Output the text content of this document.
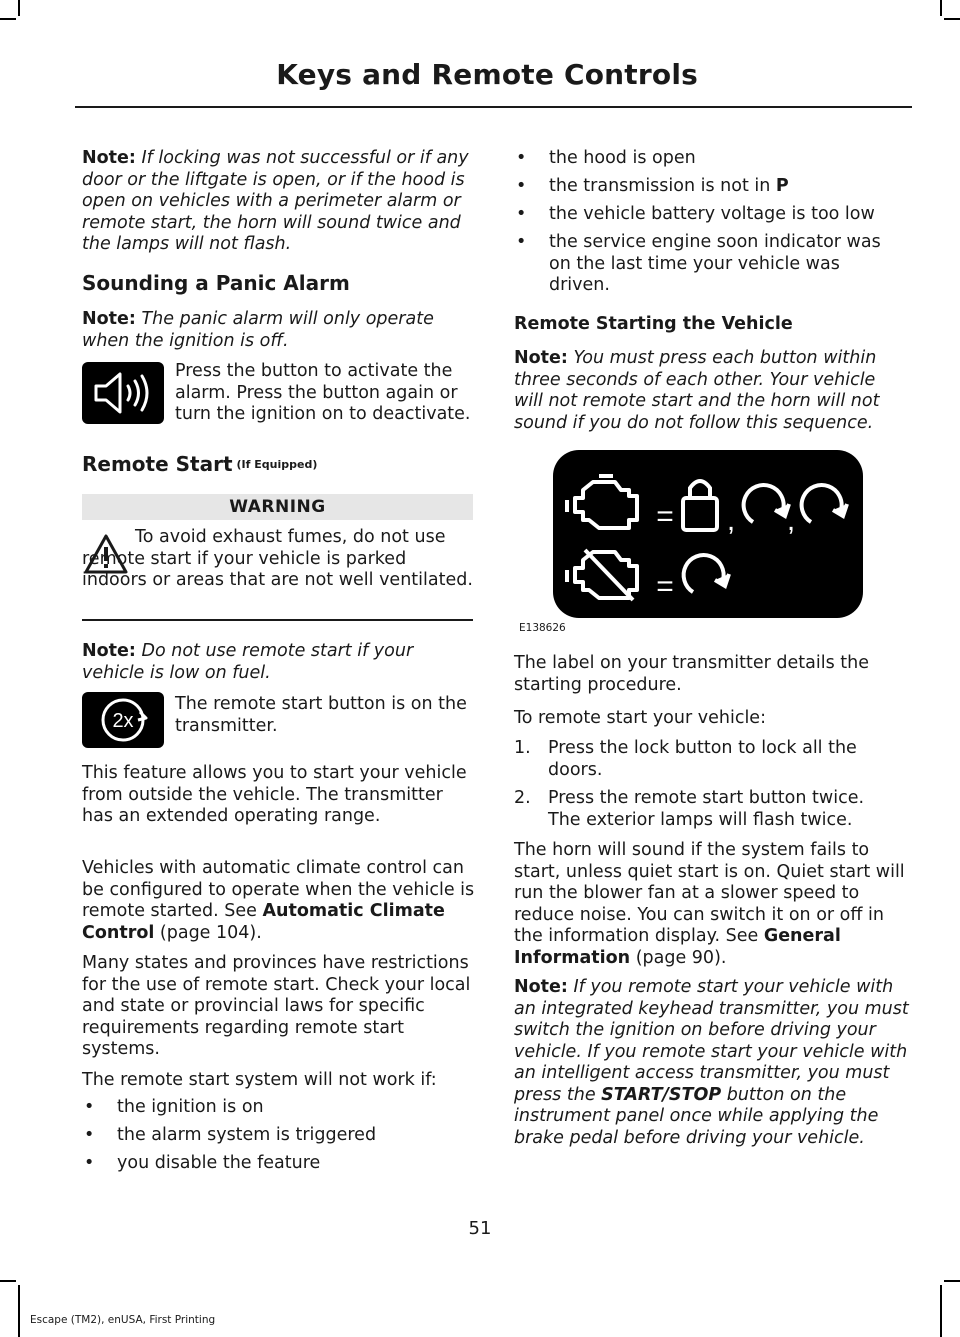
Keys and Remote Controls

Note: If locking was not successful or if any door or the liftgate is open, or if the hood is open on vehicles with a perimeter alarm or remote start, the horn will sound twice and the lamps will not flash.

Sounding a Panic Alarm

Note: The panic alarm will only operate when the ignition is off.

Press the button to activate the alarm. Press the button again or turn the ignition on to deactivate.

Remote Start $^{(If Equipped)}$
WARNING

To avoid exhaust fumes, do not use remote start if your vehicle is parked indoors or areas that are not well ventilated.

Note: Do not use remote start if your vehicle is low on fuel.

2x

The remote start button is on the transmitter.

This feature allows you to start your vehicle from outside the vehicle. The transmitter has an extended operating range.

Vehicles with automatic climate control can be configured to operate when the vehicle is remote started. See Automatic Climate Control (page 104).

Many states and provinces have restrictions for the use of remote start. Check your local and state or provincial laws for specific requirements regarding remote start systems.

The remote start system will not work if:

• the ignition is on
• the alarm system is triggered
• you disable the feature
• the hood is open
• the transmission is not in P
• the vehicle battery voltage is too low
• the service engine soon indicator was on the last time your vehicle was driven.
Remote Starting the Vehicle

Note: You must press each button within three seconds of each other. Your vehicle will not remote start and the horn will not sound if you do not follow this sequence.

= , ,
=
E138626

The label on your transmitter details the starting procedure.

To remote start your vehicle:

1. Press the lock button to lock all the doors.
2. Press the remote start button twice. The exterior lamps will flash twice.

The horn will sound if the system fails to start, unless quiet start is on. Quiet start will run the blower fan at a slower speed to reduce noise. You can switch it on or off in the information display. See General Information (page 90).

Note: If you remote start your vehicle with an integrated keyhead transmitter, you must switch the ignition on before driving your vehicle. If you remote start your vehicle with an intelligent access transmitter, you must press the START/STOP button on the instrument panel once while applying the brake pedal before driving your vehicle.

51
Escape (TM2), enUSA, First Printing
